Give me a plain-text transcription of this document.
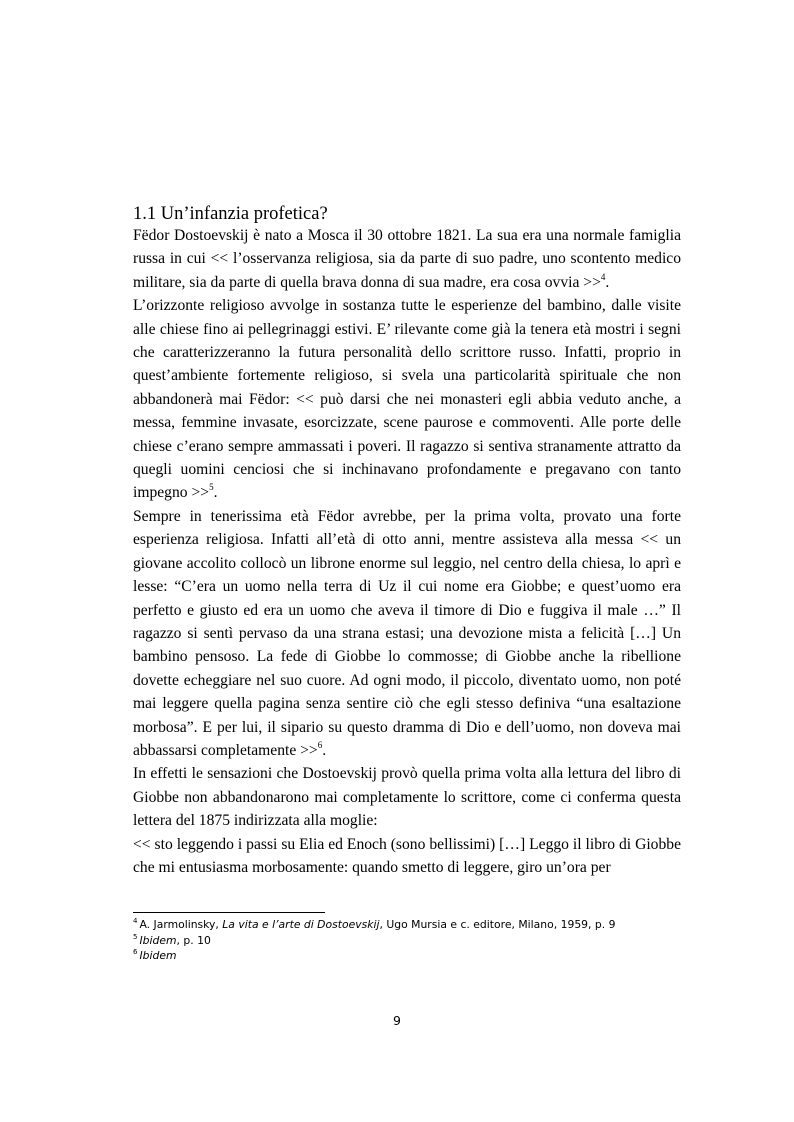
1.1 Un’infanzia profetica?

Fëdor Dostoevskij è nato a Mosca il 30 ottobre 1821. La sua era una normale famiglia russa in cui << l’osservanza religiosa, sia da parte di suo padre, uno scontento medico militare, sia da parte di quella brava donna di sua madre, era cosa ovvia >>$^4$.

L’orizzonte religioso avvolge in sostanza tutte le esperienze del bambino, dalle visite alle chiese fino ai pellegrinaggi estivi. E’ rilevante come già la tenera età mostri i segni che caratterizzeranno la futura personalità dello scrittore russo. Infatti, proprio in quest’ambiente fortemente religioso, si svela una particolarità spirituale che non abbandonerà mai Fëdor: << può darsi che nei monasteri egli abbia veduto anche, a messa, femmine invasate, esorcizzate, scene paurose e commoventi. Alle porte delle chiese c’erano sempre ammassati i poveri. Il ragazzo si sentiva stranamente attratto da quegli uomini cenciosi che si inchinavano profondamente e pregavano con tanto impegno >>$^5$.

Sempre in tenerissima età Fëdor avrebbe, per la prima volta, provato una forte esperienza religiosa. Infatti all’età di otto anni, mentre assisteva alla messa << un giovane accolito collocò un librone enorme sul leggio, nel centro della chiesa, lo aprì e lesse: “C’era un uomo nella terra di Uz il cui nome era Giobbe; e quest’uomo era perfetto e giusto ed era un uomo che aveva il timore di Dio e fuggiva il male …” Il ragazzo si sentì pervaso da una strana estasi; una devozione mista a felicità […] Un bambino pensoso. La fede di Giobbe lo commosse; di Giobbe anche la ribellione dovette echeggiare nel suo cuore. Ad ogni modo, il piccolo, diventato uomo, non poté mai leggere quella pagina senza sentire ciò che egli stesso definiva “una esaltazione morbosa”. E per lui, il sipario su questo dramma di Dio e dell’uomo, non doveva mai abbassarsi completamente >>$^6$.

In effetti le sensazioni che Dostoevskij provò quella prima volta alla lettura del libro di Giobbe non abbandonarono mai completamente lo scrittore, come ci conferma questa lettera del 1875 indirizzata alla moglie:

<< sto leggendo i passi su Elia ed Enoch (sono bellissimi) […] Leggo il libro di Giobbe che mi entusiasma morbosamente: quando smetto di leggere, giro un’ora per

$^4$ A. Jarmolinsky, La vita e l’arte di Dostoevskij, Ugo Mursia e c. editore, Milano, 1959, p. 9

$^5$ Ibidem, p. 10

$^6$ Ibidem

9
